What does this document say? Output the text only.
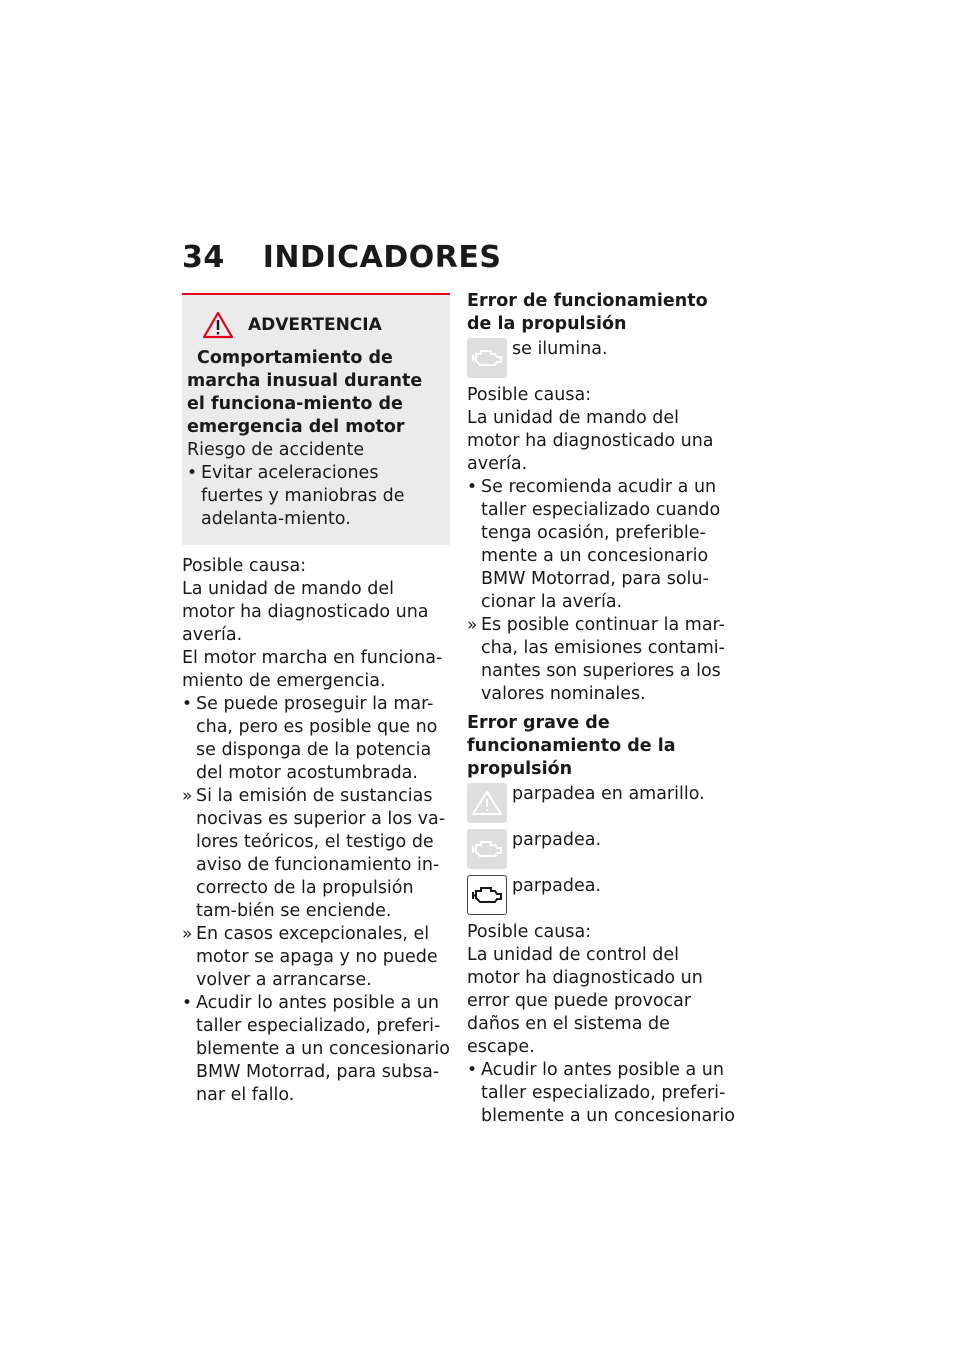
34 INDICADORES
ADVERTENCIA

Comportamiento de marcha inusual durante el funciona-miento de emergencia del motor

Riesgo de accidente

• Evitar aceleraciones fuertes y maniobras de adelanta-miento.

Posible causa:

La unidad de mando del motor ha diagnosticado una avería.

El motor marcha en funciona-miento de emergencia.

• Se puede proseguir la mar-cha, pero es posible que no se disponga de la potencia del motor acostumbrada.
» Si la emisión de sustancias nocivas es superior a los va-lores teóricos, el testigo de aviso de funcionamiento in-correcto de la propulsión tam-bién se enciende.
» En casos excepcionales, el motor se apaga y no puede volver a arrancarse.
• Acudir lo antes posible a un taller especializado, preferi-blemente a un concesionario BMW Motorrad, para subsa-nar el fallo.

Error de funcionamiento de la propulsión

se ilumina.

Posible causa:

La unidad de mando del motor ha diagnosticado una avería.

• Se recomienda acudir a un taller especializado cuando tenga ocasión, preferible-mente a un concesionario BMW Motorrad, para solu-cionar la avería.
» Es posible continuar la mar-cha, las emisiones contami-nantes son superiores a los valores nominales.

Error grave de funcionamiento de la propulsión

parpadea en amarillo.
parpadea.
parpadea.

Posible causa:

La unidad de control del motor ha diagnosticado un error que puede provocar daños en el sistema de escape.

• Acudir lo antes posible a un taller especializado, preferi-blemente a un concesionario
